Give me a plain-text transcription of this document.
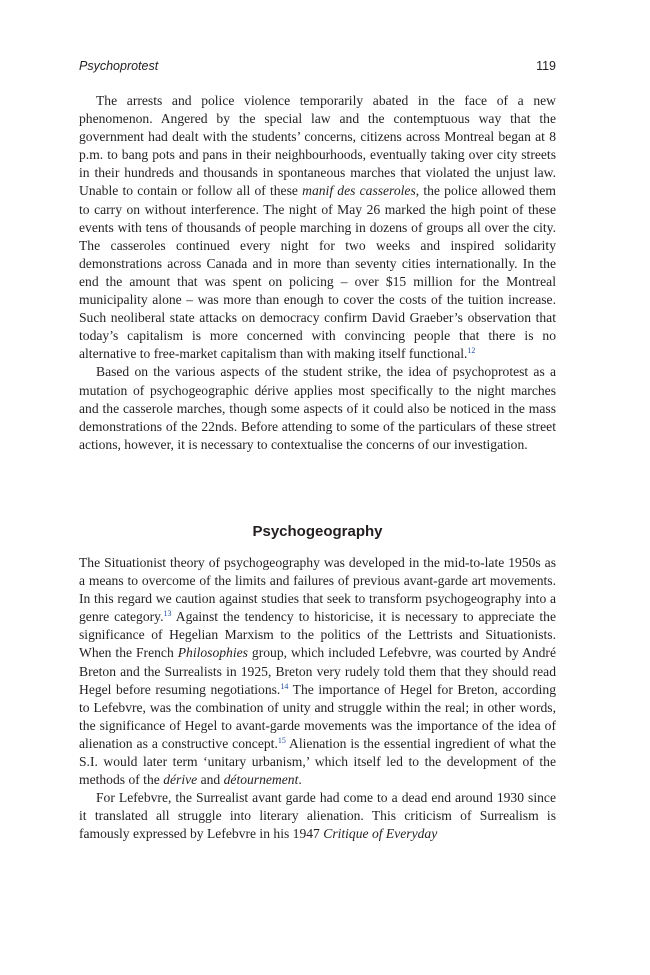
Psychoprotest	119

The arrests and police violence temporarily abated in the face of a new phenomenon. Angered by the special law and the contemptuous way that the government had dealt with the students’ concerns, citizens across Montreal began at 8 p.m. to bang pots and pans in their neighbourhoods, eventually taking over city streets in their hundreds and thousands in spontaneous marches that violated the unjust law. Unable to contain or follow all of these manif des casseroles, the police allowed them to carry on without interference. The night of May 26 marked the high point of these events with tens of thousands of people marching in dozens of groups all over the city. The casseroles continued every night for two weeks and inspired solidarity demonstrations across Canada and in more than seventy cities internationally. In the end the amount that was spent on policing – over $15 million for the Montreal municipality alone – was more than enough to cover the costs of the tuition increase. Such neoliberal state attacks on democracy confirm David Graeber’s observation that today’s capitalism is more concerned with convincing people that there is no alternative to free-market capitalism than with making itself functional.$^{12}$

Based on the various aspects of the student strike, the idea of psychoprotest as a mutation of psychogeographic dérive applies most specifically to the night marches and the casserole marches, though some aspects of it could also be noticed in the mass demonstrations of the 22nds. Before attending to some of the particulars of these street actions, however, it is necessary to contextualise the concerns of our investigation.

Psychogeography

The Situationist theory of psychogeography was developed in the mid-to-late 1950s as a means to overcome of the limits and failures of previous avant-garde art movements. In this regard we caution against studies that seek to transform psychogeography into a genre category.$^{13}$ Against the tendency to historicise, it is necessary to appreciate the significance of Hegelian Marxism to the politics of the Lettrists and Situationists. When the French Philosophies group, which included Lefebvre, was courted by André Breton and the Surrealists in 1925, Breton very rudely told them that they should read Hegel before resuming negotiations.$^{14}$ The importance of Hegel for Breton, according to Lefebvre, was the combination of unity and struggle within the real; in other words, the significance of Hegel to avant-garde movements was the importance of the idea of alienation as a constructive concept.$^{15}$ Alienation is the essential ingredient of what the S.I. would later term ‘unitary urbanism,’ which itself led to the development of the methods of the dérive and détournement.

For Lefebvre, the Surrealist avant garde had come to a dead end around 1930 since it translated all struggle into literary alienation. This criticism of Surrealism is famously expressed by Lefebvre in his 1947 Critique of Everyday
